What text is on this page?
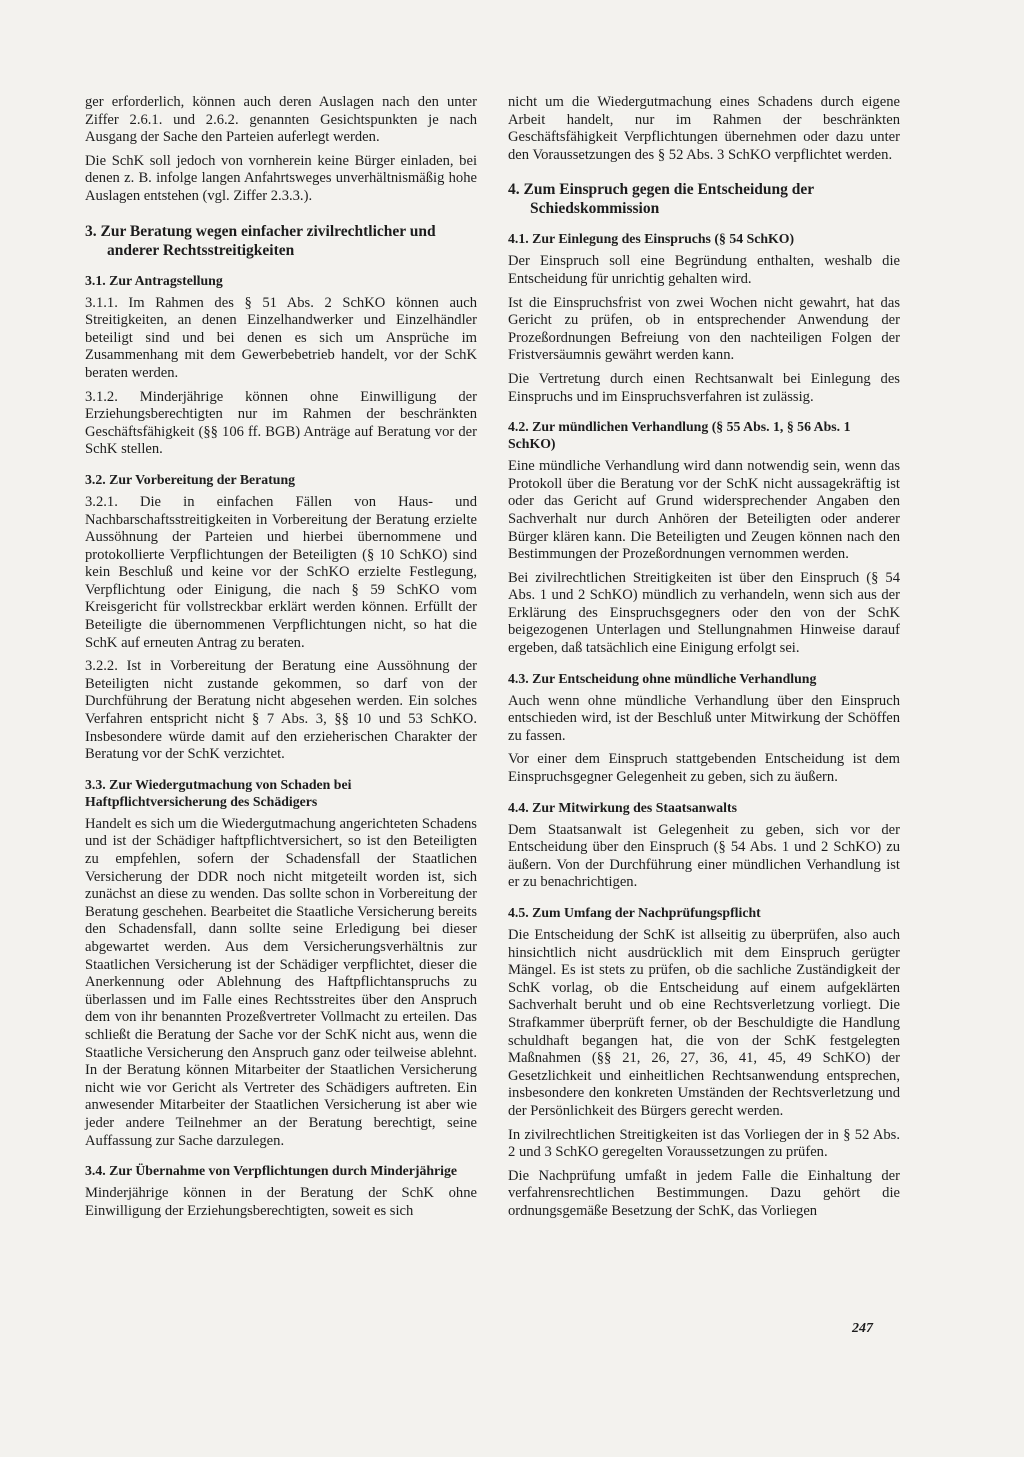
ger erforderlich, können auch deren Auslagen nach den unter Ziffer 2.6.1. und 2.6.2. genannten Gesichtspunkten je nach Ausgang der Sache den Parteien auferlegt werden.

Die SchK soll jedoch von vornherein keine Bürger einladen, bei denen z. B. infolge langen Anfahrtsweges unverhältnismäßig hohe Auslagen entstehen (vgl. Ziffer 2.3.3.).

3. Zur Beratung wegen einfacher zivilrechtlicher und anderer Rechtsstreitigkeiten
3.1. Zur Antragstellung

3.1.1. Im Rahmen des § 51 Abs. 2 SchKO können auch Streitigkeiten, an denen Einzelhandwerker und Einzelhändler beteiligt sind und bei denen es sich um Ansprüche im Zusammenhang mit dem Gewerbebetrieb handelt, vor der SchK beraten werden.

3.1.2. Minderjährige können ohne Einwilligung der Erziehungsberechtigten nur im Rahmen der beschränkten Geschäftsfähigkeit (§§ 106 ff. BGB) Anträge auf Beratung vor der SchK stellen.

3.2. Zur Vorbereitung der Beratung

3.2.1. Die in einfachen Fällen von Haus- und Nachbarschaftsstreitigkeiten in Vorbereitung der Beratung erzielte Aussöhnung der Parteien und hierbei übernommene und protokollierte Verpflichtungen der Beteiligten (§ 10 SchKO) sind kein Beschluß und keine vor der SchKO erzielte Festlegung, Verpflichtung oder Einigung, die nach § 59 SchKO vom Kreisgericht für vollstreckbar erklärt werden können. Erfüllt der Beteiligte die übernommenen Verpflichtungen nicht, so hat die SchK auf erneuten Antrag zu beraten.

3.2.2. Ist in Vorbereitung der Beratung eine Aussöhnung der Beteiligten nicht zustande gekommen, so darf von der Durchführung der Beratung nicht abgesehen werden. Ein solches Verfahren entspricht nicht § 7 Abs. 3, §§ 10 und 53 SchKO. Insbesondere würde damit auf den erzieherischen Charakter der Beratung vor der SchK verzichtet.

3.3. Zur Wiedergutmachung von Schaden bei Haftpflichtversicherung des Schädigers

Handelt es sich um die Wiedergutmachung angerichteten Schadens und ist der Schädiger haftpflichtversichert, so ist den Beteiligten zu empfehlen, sofern der Schadensfall der Staatlichen Versicherung der DDR noch nicht mitgeteilt worden ist, sich zunächst an diese zu wenden. Das sollte schon in Vorbereitung der Beratung geschehen. Bearbeitet die Staatliche Versicherung bereits den Schadensfall, dann sollte seine Erledigung bei dieser abgewartet werden. Aus dem Versicherungsverhältnis zur Staatlichen Versicherung ist der Schädiger verpflichtet, dieser die Anerkennung oder Ablehnung des Haftpflichtanspruchs zu überlassen und im Falle eines Rechtsstreites über den Anspruch dem von ihr benannten Prozeßvertreter Vollmacht zu erteilen. Das schließt die Beratung der Sache vor der SchK nicht aus, wenn die Staatliche Versicherung den Anspruch ganz oder teilweise ablehnt. In der Beratung können Mitarbeiter der Staatlichen Versicherung nicht wie vor Gericht als Vertreter des Schädigers auftreten. Ein anwesender Mitarbeiter der Staatlichen Versicherung ist aber wie jeder andere Teilnehmer an der Beratung berechtigt, seine Auffassung zur Sache darzulegen.

3.4. Zur Übernahme von Verpflichtungen durch Minderjährige

Minderjährige können in der Beratung der SchK ohne Einwilligung der Erziehungsberechtigten, soweit es sich

nicht um die Wiedergutmachung eines Schadens durch eigene Arbeit handelt, nur im Rahmen der beschränkten Geschäftsfähigkeit Verpflichtungen übernehmen oder dazu unter den Voraussetzungen des § 52 Abs. 3 SchKO verpflichtet werden.

4. Zum Einspruch gegen die Entscheidung der Schiedskommission
4.1. Zur Einlegung des Einspruchs (§ 54 SchKO)

Der Einspruch soll eine Begründung enthalten, weshalb die Entscheidung für unrichtig gehalten wird.

Ist die Einspruchsfrist von zwei Wochen nicht gewahrt, hat das Gericht zu prüfen, ob in entsprechender Anwendung der Prozeßordnungen Befreiung von den nachteiligen Folgen der Fristversäumnis gewährt werden kann.

Die Vertretung durch einen Rechtsanwalt bei Einlegung des Einspruchs und im Einspruchsverfahren ist zulässig.

4.2. Zur mündlichen Verhandlung (§ 55 Abs. 1, § 56 Abs. 1 SchKO)

Eine mündliche Verhandlung wird dann notwendig sein, wenn das Protokoll über die Beratung vor der SchK nicht aussagekräftig ist oder das Gericht auf Grund widersprechender Angaben den Sachverhalt nur durch Anhören der Beteiligten oder anderer Bürger klären kann. Die Beteiligten und Zeugen können nach den Bestimmungen der Prozeßordnungen vernommen werden.

Bei zivilrechtlichen Streitigkeiten ist über den Einspruch (§ 54 Abs. 1 und 2 SchKO) mündlich zu verhandeln, wenn sich aus der Erklärung des Einspruchsgegners oder den von der SchK beigezogenen Unterlagen und Stellungnahmen Hinweise darauf ergeben, daß tatsächlich eine Einigung erfolgt sei.

4.3. Zur Entscheidung ohne mündliche Verhandlung

Auch wenn ohne mündliche Verhandlung über den Einspruch entschieden wird, ist der Beschluß unter Mitwirkung der Schöffen zu fassen.

Vor einer dem Einspruch stattgebenden Entscheidung ist dem Einspruchsgegner Gelegenheit zu geben, sich zu äußern.

4.4. Zur Mitwirkung des Staatsanwalts

Dem Staatsanwalt ist Gelegenheit zu geben, sich vor der Entscheidung über den Einspruch (§ 54 Abs. 1 und 2 SchKO) zu äußern. Von der Durchführung einer mündlichen Verhandlung ist er zu benachrichtigen.

4.5. Zum Umfang der Nachprüfungspflicht

Die Entscheidung der SchK ist allseitig zu überprüfen, also auch hinsichtlich nicht ausdrücklich mit dem Einspruch gerügter Mängel. Es ist stets zu prüfen, ob die sachliche Zuständigkeit der SchK vorlag, ob die Entscheidung auf einem aufgeklärten Sachverhalt beruht und ob eine Rechtsverletzung vorliegt. Die Strafkammer überprüft ferner, ob der Beschuldigte die Handlung schuldhaft begangen hat, die von der SchK festgelegten Maßnahmen (§§ 21, 26, 27, 36, 41, 45, 49 SchKO) der Gesetzlichkeit und einheitlichen Rechtsanwendung entsprechen, insbesondere den konkreten Umständen der Rechtsverletzung und der Persönlichkeit des Bürgers gerecht werden.

In zivilrechtlichen Streitigkeiten ist das Vorliegen der in § 52 Abs. 2 und 3 SchKO geregelten Voraussetzungen zu prüfen.

Die Nachprüfung umfaßt in jedem Falle die Einhaltung der verfahrensrechtlichen Bestimmungen. Dazu gehört die ordnungsgemäße Besetzung der SchK, das Vorliegen

247
